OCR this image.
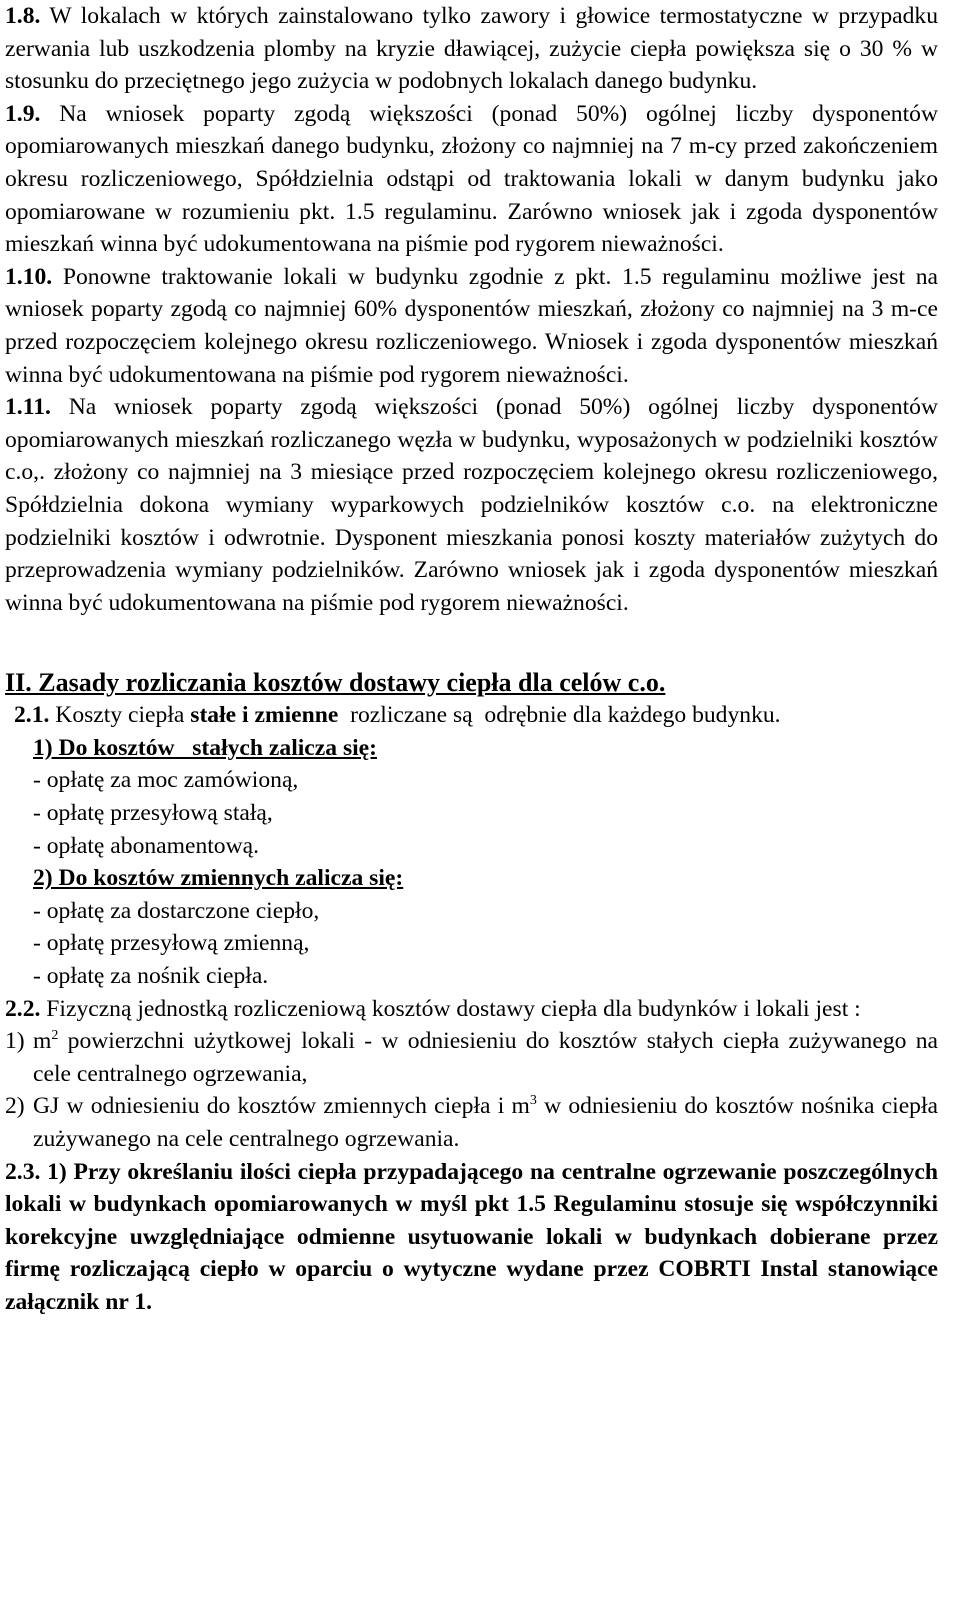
1.8. W lokalach w których zainstalowano tylko zawory i głowice termostatyczne w przypadku zerwania lub uszkodzenia plomby na kryzie dławiącej, zużycie ciepła powiększa się o 30 % w stosunku do przeciętnego jego zużycia w podobnych lokalach danego budynku.

1.9. Na wniosek poparty zgodą większości (ponad 50%) ogólnej liczby dysponentów opomiarowanych mieszkań danego budynku, złożony co najmniej na 7 m-cy przed zakończeniem okresu rozliczeniowego, Spółdzielnia odstąpi od traktowania lokali w danym budynku jako opomiarowane w rozumieniu pkt. 1.5 regulaminu. Zarówno wniosek jak i zgoda dysponentów mieszkań winna być udokumentowana na piśmie pod rygorem nieważności.

1.10. Ponowne traktowanie lokali w budynku zgodnie z pkt. 1.5 regulaminu możliwe jest na wniosek poparty zgodą co najmniej 60% dysponentów mieszkań, złożony co najmniej na 3 m-ce przed rozpoczęciem kolejnego okresu rozliczeniowego. Wniosek i zgoda dysponentów mieszkań winna być udokumentowana na piśmie pod rygorem nieważności.

1.11. Na wniosek poparty zgodą większości (ponad 50%) ogólnej liczby dysponentów opomiarowanych mieszkań rozliczanego węzła w budynku, wyposażonych w podzielniki kosztów c.o,. złożony co najmniej na 3 miesiące przed rozpoczęciem kolejnego okresu rozliczeniowego, Spółdzielnia dokona wymiany wyparkowych podzielników kosztów c.o. na elektroniczne podzielniki kosztów i odwrotnie. Dysponent mieszkania ponosi koszty materiałów zużytych do przeprowadzenia wymiany podzielników. Zarówno wniosek jak i zgoda dysponentów mieszkań winna być udokumentowana na piśmie pod rygorem nieważności.

II. Zasady rozliczania kosztów dostawy ciepła dla celów c.o.

2.1. Koszty ciepła stałe i zmienne  rozliczane są  odrębnie dla każdego budynku.

1) Do kosztów   stałych zalicza się:
- opłatę za moc zamówioną,
- opłatę przesyłową stałą,
- opłatę abonamentową.
2) Do kosztów zmiennych zalicza się:
- opłatę za dostarczone ciepło,
- opłatę przesyłową zmienną,
- opłatę za nośnik ciepła.

2.2. Fizyczną jednostką rozliczeniową kosztów dostawy ciepła dla budynków i lokali jest :

1) $m^2$ powierzchni użytkowej lokali - w odniesieniu do kosztów stałych ciepła zużywanego na cele centralnego ogrzewania,
2) GJ w odniesieniu do kosztów zmiennych ciepła i $m^3$ w odniesieniu do kosztów nośnika ciepła zużywanego na cele centralnego ogrzewania.

2.3. 1) Przy określaniu ilości ciepła przypadającego na centralne ogrzewanie poszczególnych lokali w budynkach opomiarowanych w myśl pkt 1.5 Regulaminu stosuje się współczynniki korekcyjne uwzględniające odmienne usytuowanie lokali w budynkach dobierane przez firmę rozliczającą ciepło w oparciu o wytyczne wydane przez COBRTI Instal stanowiące załącznik nr 1.
